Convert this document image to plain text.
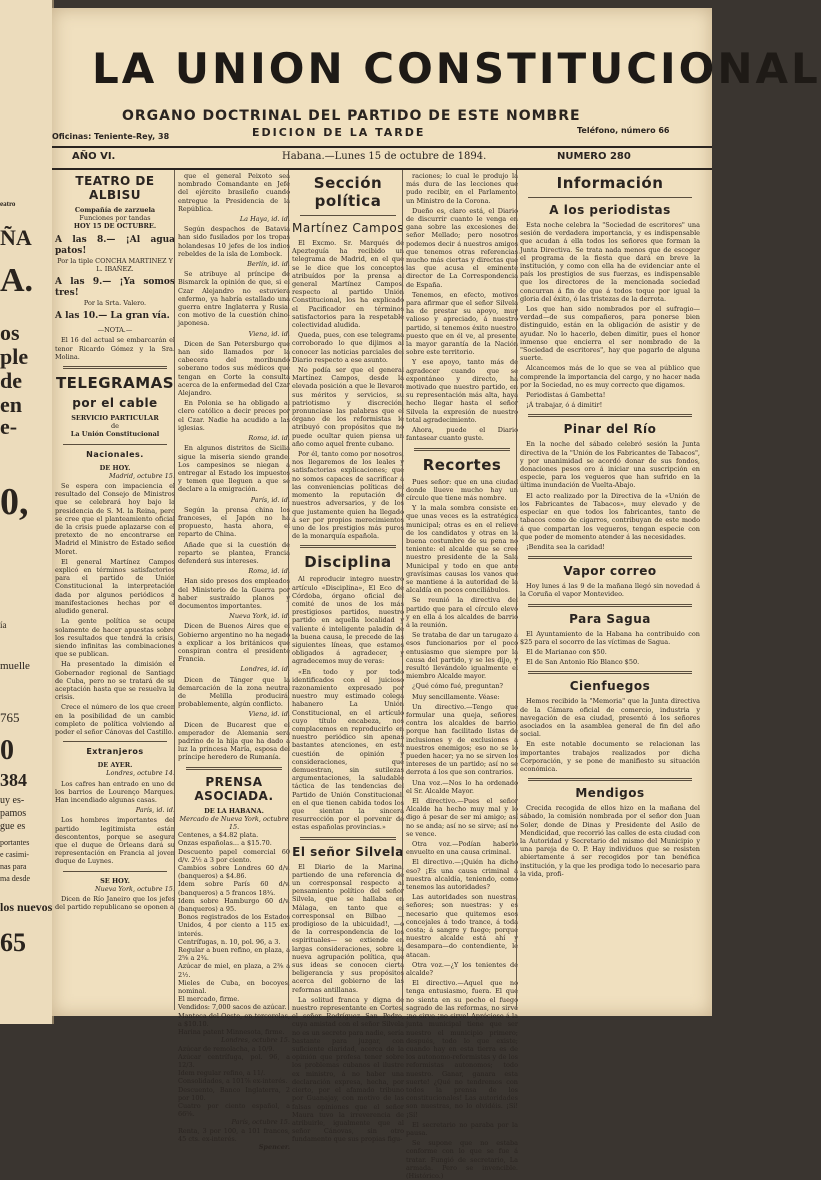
eatro
ÑA
A.
os
ple
de
en
e-
0,
ía
muelle
765
0
384
uy es-
pamos
gue es
portantes
e casimi-
nas para
ma desde
los nuevos
65
LA UNION CONSTITUCIONAL
ORGANO DOCTRINAL DEL PARTIDO DE ESTE NOMBRE
EDICION DE LA TARDE
Oficinas: Teniente-Rey, 38
Teléfono, número 66
AÑO VI.	Habana.—Lunes 15 de octubre de 1894.	NUMERO 280
TEATRO DE ALBISU
Compañía de zarzuela
Funciones por tandas
HOY 15 DE OCTUBRE.
A las 8.— ¡Al agua patos!
Por la tiple CONCHA MARTINEZ Y L. IBAÑEZ.
A las 9.— ¡Ya somos tres!
Por la Srta. Valero.
A las 10.— La gran vía.
—NOTA.—
El 16 del actual se embarcarán el tenor Ricardo Gómez y la Sra. Molina.
TELEGRAMAS
por el cable
SERVICIO PARTICULAR
de
La Unión Constitucional
Nacionales.
DE HOY.
Madrid, octubre 15.
Se espera con impaciencia el resultado del Consejo de Ministros que se celebrará hoy bajo la presidencia de S. M. la Reina, pero se cree que el planteamiento oficial de la crisis puede aplazarse con el pretexto de no encontrarse en Madrid el Ministro de Estado señor Moret.
El general Martínez Campos explicó en términos satisfactorios para el partido de Unión Constitucional la interpretación dada por algunos periódicos a manifestaciones hechas por el aludido general.
La gente política se ocupa solamente de hacer apuestas sobre los resultados que tendrá la crisis, siendo infinitas las combinaciones que se publican.
Ha presentado la dimisión el Gobernador regional de Santiago de Cuba, pero no se tratará de su aceptación hasta que se resuelva la crisis.
Crece el número de los que creen en la posibilidad de un cambio completo de política volviendo al poder el señor Cánovas del Castillo.
Extranjeros
DE AYER.
Londres, octubre 14.
Los cafres han entrado en uno de los barrios de Lourenço Marques. Han incendiado algunas casas.
París, id. id.
Los hombres importantes del partido legitimista están descontentos, porque se asegura que el duque de Orleans dará su representación en Francia al joven duque de Luynes.
SE HOY.
Nueva York, octubre 15.
Dicen de Río Janeiro que los jefes del partido republicano se oponen a
que el general Peixoto sea nombrado Comandante en Jefe del ejército brasileño cuando entregue la Presidencia de la República.
La Haya, id. id.
Según despachos de Batavia han sido fusilados por los tropas holandesas 10 jefes de los indios rebeldes de la isla de Lombock.
Berlín, id. id.
Se atribuye al príncipe de Bismarck la opinión de que, si el Czar Alejandro no estuviera enfermo, ya habría estallado una guerra entre Inglaterra y Rusia, con motivo de la cuestión chino-japonesa.
Viena, id. id.
Dicen de San Petersburgo que han sido llamados por la cabecera del moribundo soberano todos sus médicos que tengan en Corte la consulta acerca de la enfermedad del Czar Alejandro.
En Polonia se ha obligado al clero católico a decir preces por el Czar. Nadie ha acudido a las iglesias.
Roma, id. id.
En algunos distritos de Sicilia sigue la miseria siendo grande. Los campesinos se niegan a entregar al Estado los impuestos y temen que lleguen a que se declare a la emigración.
París, id. id.
Según la prensa china los franceses, el Japón no ha propuesto, hasta ahora, el reparto de China.
Añade que si la cuestión de reparto se plantea, Francia defenderá sus intereses.
Roma, id. id.
Han sido presos dos empleados del Ministerio de la Guerra por haber sustraído planos y documentos importantes.
Nueva York, id. id.
Dicen de Buenos Aires que el Gobierno argentino no ha negado a explicar a los británicos que conspiran contra el presidente Francia.
Londres, id. id.
Dicen de Tánger que la demarcación de la zona neutral de Melilla producirá, probablemente, algún conflicto.
Viena, id. id.
Dicen de Bucarest que el emperador de Alemania será padrino de la hija que ha dado a luz la princesa María, esposa del príncipe heredero de Rumanía.
PRENSA ASOCIADA.
DE LA HABANA.
Mercado de Nueva York, octubre 15.
Centenes, a $4.82 plata.
Onzas españolas... a $15.70.
Descuento papel comercial 60 d/v. 2½ a 3 por ciento.
Cambios sobre Londres 60 d/v. (banqueros) a $4.86.
Idem sobre París 60 d/v. (banqueros) a 5 francos 18¾.
Idem sobre Hamburgo 60 d/v. (banqueros) a 95.
Bonos registrados de los Estados Unidos, 4 por ciento a 115 ex-interés.
Centrífugas, n. 10, pol. 96, a 3.
Regular a buen refino, en plaza, a 2⅝ a 2¾.
Azúcar de miel, en plaza, a 2⅜ a 2½.
Mieles de Cuba, en bocoyes, nominal.
El mercado, firme.
Vendidos: 7,000 sacos de azúcar.
Manteca del Oeste, en tercerolas, a $10.10.
Harina patent Minnesota, firme.
Londres, octubre 15.
Azúcar de remolacha, a 10/9.
Azúcar centrífuga, pol. 96, a 12/3.
Idem regular refino, a 11/.
Consolidados, a 101⅞ ex-interés.
Descuento, Banco Inglaterra, 2 por 100.
Cuatro por ciento español, a 66⅝.
París, octubre 15.
Renta, 3 por 100, a 101 francos, 45 cts. ex-interés.
Spencer.
Sección política
Martínez Campos
El Excmo. Sr. Marqués de Apezteguía ha recibido un telegrama de Madrid, en el que se le dice que los conceptos atribuídos por la prensa al general Martínez Campos, respecto al partido Unión Constitucional, los ha explicado el Pacificador en términos satisfactorios para la respetable colectividad aludida.
Queda, pues, con ese telegrama corroborado lo que dijimos al conocer las noticias parciales del Diario respecto a ese asunto.
No podía ser que el general Martínez Campos, desde la elevada posición a que le llevaron sus méritos y servicios, su patriotismo y discreción, pronunciase las palabras que el órgano de los reformistas le atribuyó con propósitos que no puede ocultar quien piensa un año como aquel frente cubano.
Por él, tanto como por nosotros, nos llegaremos de los leales y satisfactorias explicaciones; que no somos capaces de sacrificar á las conveniencias políticas del momento la reputación de nuestros adversarios, y de los que justamente quien ha llegado á ser por propios merecimientos uno de los prestigios más puros de la monarquía española.
Disciplina
Al reproducir integro nuestro artículo «Disciplina», El Eco de Córdoba, órgano oficial del comité de unos de los más prestigiosos partidos, nuestro partido en aquella localidad y valiente é inteligente paladín de la buena causa, le precede de las siguientes líneas, que estamos obligados á agradecer, y agradecemos muy de veras:
«En todo y por todo identificados con el juicioso razonamiento expresado por nuestro muy estimado colega habanero La Unión Constitucional, en el artículo cuyo título encabeza, nos complacemos en reproducirlo en nuestro periódico sin apenas bastantes atenciones, en esta cuestión de opinión y consideraciones, que demuestran, sin sutilezas argumentaciones, la saludable táctica de las tendencias del Partido de Unión Constitucional, en el que tienen cabida todos los que sientan la sincera resurrección por el porvenir de estas españolas provincias.»
El señor Silvela
El Diario de la Marina, partiendo de una referencia de un corresponsal respecto al pensamiento político del señor Silvela, que se hallaba en Málaga, en tanto que el corresponsal en Bilbao —prodigioso de la ubicuidad!, —o de la correspondencia de los espirituales— se extiende en largas consideraciones, sobre la nueva agrupación política, que sus ideas se conocen cierta beligerancia y sus propósitos acerca del gobierno de las reformas antillanas.
La solitud franca y digna de nuestro representante en Cortes, el señor Rodríguez San Pedro, cuya amistad con el señor Silvela no es un secreto para nadie, sería bastante para juzgar, con suficiente claridad, acerca de la opinión que profesa tener sobre los problemas cubanos el ilustre ex ministro, á no haber una declaración expresa, hecha, por cierto, por el afamado tribuno por Guanajay, con motivo de las falsas opiniones que el señor Maura tuvo la irreverencia de atribuirle, igualmente que al señor Cánovas, sin otro fundamento que sus propias figu-
raciones; lo cual le produjo la más dura de las lecciones que pudo recibir, en el Parlamento, un Ministro de la Corona.
Dueño es, claro está, el Diario de discurrir cuanto le venga en gana sobre las excesiones del señor Mellado; pero nosotros podemos decir á nuestros amigos que tenemos otras referencias mucho más ciertas y directas que las que acusa el eminente director de La Correspondencia de España.
Tenemos, en efecto, motivos para afirmar que el señor Silvela ha de prestar su apoyo, muy valioso y apreciado, á nuestro partido, si tenemos éxito nuestro, puesto que en él ve, al presente, la mayor garantía de la Nación sobre este territorio.
Y ese apoyo, tanto más de agradecer cuando que se expontáneo y directo, ha motivado que nuestro partido, en su representación más alta, haya hecho llegar hasta el señor Silvela la expresión de nuestro total agradecimiento.
Ahora, puede el Diario fantasear cuanto guste.
Recortes
Pues señor: que en una ciudad donde llueve mucho hay un círculo que tiene más nombre.
Y la mala sombra consiste en que unas veces es la estratégica municipal; otras es en el relieve de los candidatos y otras en la buena costumbre de su pena no teniente: el alcalde que se cree nuestro presidente de la Sala Municipal y todo en que ante gravísimas causas los vanos que se mantiene á la autoridad de la alcaldía en pocos conciliábulos.
Se reunió la directiva del partido que para el círculo elevó y en ella á los alcaldes de barrio á la reunión.
Se trataba de dar un tarugazo á esos funcionarios por el poco entusiasmo que siempre por la causa del partido, y se les dijo, y resultó llevándolo igualmente el miembro Alcalde mayor.
¿Qué cómo fué, preguntan?
Muy sencillamente. Véase:
Un directivo.—Tengo que formular una queja, señores, contra los alcaldes de barrio, porque han facilitado listas de inclusiones y de exclusiones á nuestros enemigos; eso no se lo pueden hacer; ya no se sirven los intereses de un partido; así no se derrota á los que son contrarios.
Una voz.—Nos lo ha ordenado el Sr. Alcalde Mayor.
El directivo.—Pues el señor Alcalde ha hecho muy mal y lo digo á pesar de ser mi amigo; así no se anda; así no se sirve; así no se vence.
Otra voz.—Podían haberlo envuelto en una causa criminal.
El directivo.—¡Quién ha dicho eso? ¡Es una causa criminal á nuestra alcaldía, teniendo, como tenemos las autoridades?
Las autoridades son nuestras, señores; son nuestras: y es necesario que quitemos esos concejales á todo trance, á toda costa; á sangre y fuego; porque nuestro alcalde está ahí y desampara—do contendiente, le atacan.
Otra voz.—¿Y los tenientes de alcalde?
El directivo.—Aquel que no tenga entusiasmo, fuera. El que no sienta en su pecho el fuego sagrado de las reformas, no sirve ¡no sirve ¡no sirve! Apréciese á la junta municipal tiene que ser nuestro el municipio primero; después, todo lo que existe; cuando hay en esta tierra es de los autonomo-reformistas y de los reformistas autonomos; todo nuestro. Ganar, ganara esta suerte! ¿Qué no tendremos con todos la prensa de los constitucionales! Las autoridades son nuestras, no lo olvidéis. ¡Sí! ¡Sí!
El secretario no paraba por la pausa.
Se supone que no estaba conforme con lo que se fue á tratar. Fungió de secretario, La armada. Pero se invencible. (Histórico.)
Información
A los periodistas
Esta noche celebra la "Sociedad de escritores" una sesión de verdadera importancia, y es indispensable que acudan á ella todos los señores que forman la Junta Directiva. Se trata nada menos que de escoger el programa de la fiesta que dará en breve la institución, y como con ella ha de evidenciar ante el país los prestigios de sus fuerzas, es indispensable que los directores de la mencionada sociedad concurran á fin de que á todos toque por igual la gloria del éxito, ó las tristezas de la derrota.
Los que han sido nombrados por el sufragio—verdad—de sus compañeros, para ponerse bien distinguido, están en la obligación de asistir y de ayudar. No lo hacerlo, deben dimitir, pues el honor inmenso que encierra el ser nombrado de la "Sociedad de escritores", hay que pagarlo de alguna suerte.
Alcancemos más de lo que se vea al público que comprende la importancia del cargo, y no hacer nada por la Sociedad, no es muy correcto que digamos.
Periodistas á Gambetta!
¡Á trabajar, ó á dimitir!
Pinar del Río
En la noche del sábado celebró sesión la Junta directiva de la "Unión de los Fabricantes de Tabacos", y por unanimidad se acordó donar de sus fondos, donaciones pesos oro á iniciar una suscripción en especie, para los vegueros que han sufrido en la última inundación de Vuelta-Abajo.
El acto realizado por la Directiva de la «Unión de los Fabricantes de Tabacos», muy elevado y de especiar en que todos los fabricantes, tanto de tabacos como de cigarros, contribuyan de este modo á que compartan los vegueros, tengan especie con que poder de momento atender á las necesidades.
¡Bendita sea la caridad!
Vapor correo
Hoy lunes á las 9 de la mañana llegó sin novedad á la Coruña el vapor Montevideo.
Para Sagua
El Ayuntamiento de la Habana ha contribuido con $25 para el socorro de las víctimas de Sagua.
El de Marianao con $50.
El de San Antonio Río Blanco $50.
Cienfuegos
Hemos recibido la "Memoria" que la Junta directiva de la Cámara oficial de comercio, industria y navegación de esa ciudad, presentó á los señores asociados en la asamblea general de fin del año social.
En este notable documento se relacionan las importantes trabajos realizados por dicha Corporación, y se pone de manifiesto su situación económica.
Mendigos
Crecida recogida de ellos hizo en la mañana del sábado, la comisión nombrada por el señor don Juan Soler, donde de Dinas y Presidente del Asilo de Mendicidad, que recorrió las calles de esta ciudad con la Autoridad y Secretario del mismo del Municipio y una pareja de O. P. Hay individuos que se resisten abiertamente á ser recogidos por tan benéfica institución, y la que les prodiga todo lo necesario para la vida, profi-
